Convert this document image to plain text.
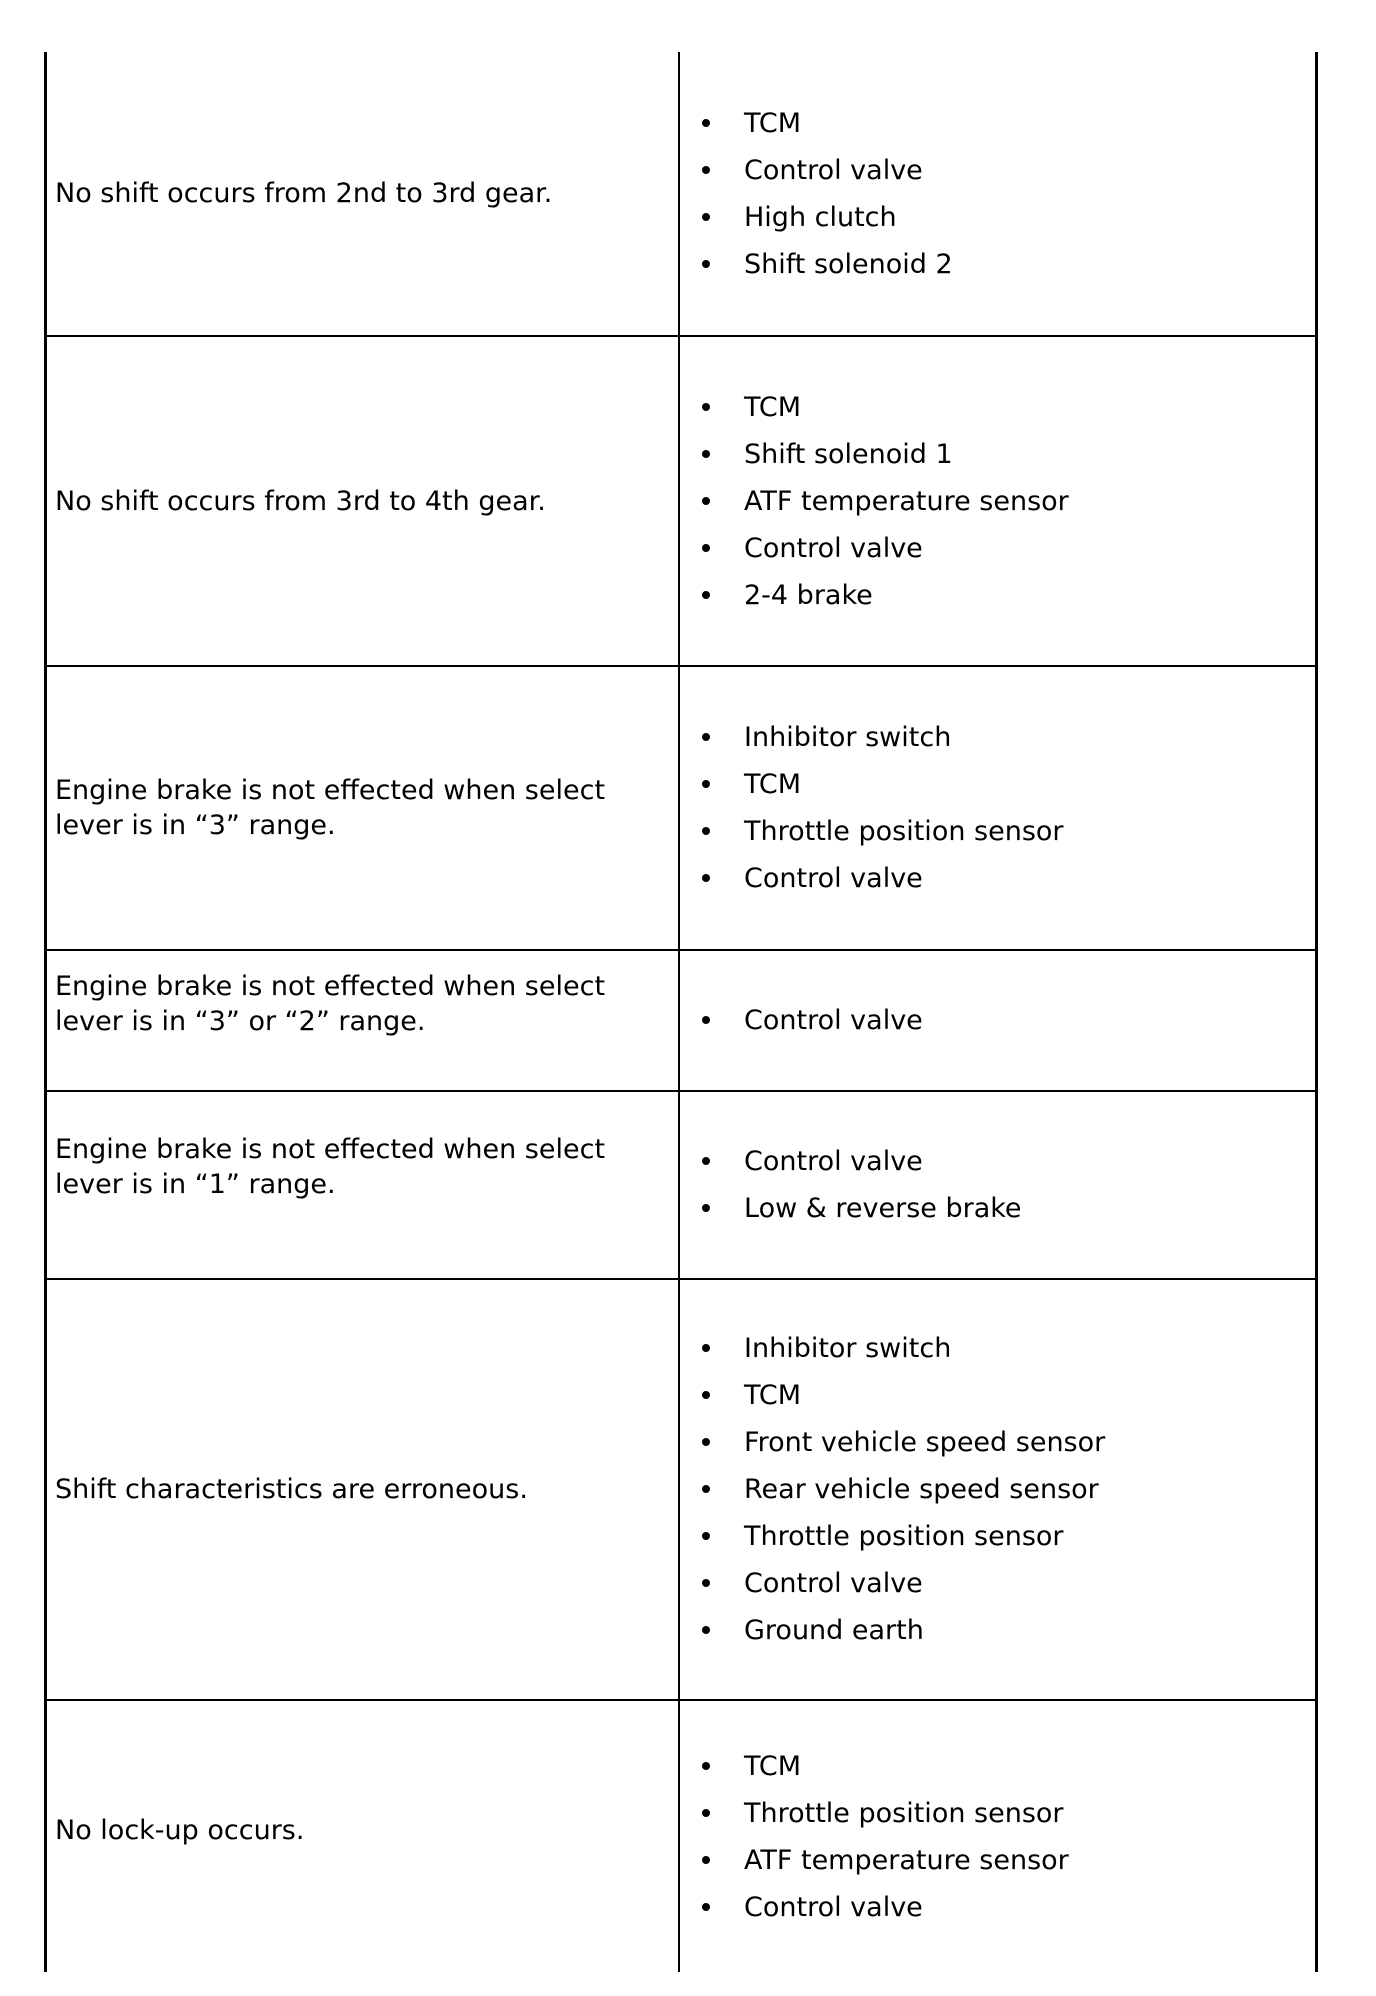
No shift occurs from 2nd to 3rd gear.
TCM
Control valve
High clutch
Shift solenoid 2
No shift occurs from 3rd to 4th gear.
TCM
Shift solenoid 1
ATF temperature sensor
Control valve
2-4 brake
Engine brake is not effected when select
lever is in “3” range.
Inhibitor switch
TCM
Throttle position sensor
Control valve
Engine brake is not effected when select
lever is in “3” or “2” range.	Control valve
Engine brake is not effected when select
lever is in “1” range.
Control valve
Low & reverse brake
Shift characteristics are erroneous.
Inhibitor switch
TCM
Front vehicle speed sensor
Rear vehicle speed sensor
Throttle position sensor
Control valve
Ground earth
No lock-up occurs.
TCM
Throttle position sensor
ATF temperature sensor
Control valve
